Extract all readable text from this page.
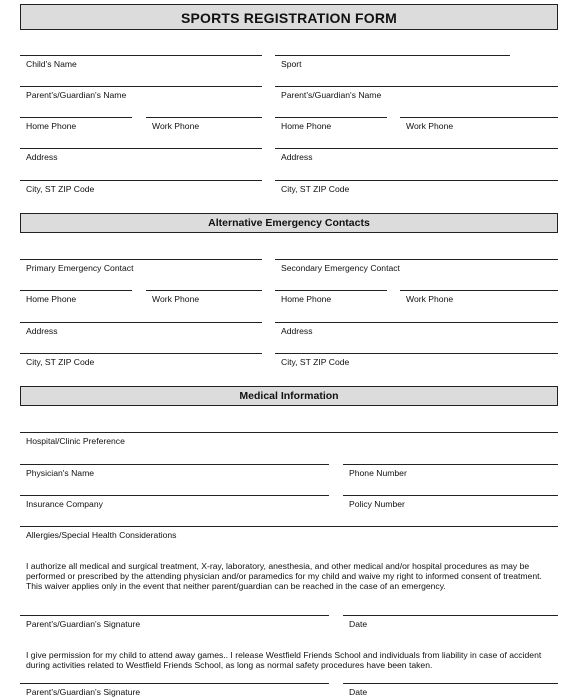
SPORTS REGISTRATION FORM
Child's Name	Sport
Parent's/Guardian's Name	Parent's/Guardian's Name
Home Phone	Work Phone	Home Phone	Work Phone
Address	Address
City, ST ZIP Code	City, ST ZIP Code
Alternative Emergency Contacts
Primary Emergency Contact	Secondary Emergency Contact
Home Phone	Work Phone	Home Phone	Work Phone
Address	Address
City, ST ZIP Code	City, ST ZIP Code
Medical Information
Hospital/Clinic Preference
Physician's Name	Phone Number
Insurance Company	Policy Number
Allergies/Special Health Considerations
I authorize all medical and surgical treatment, X-ray, laboratory, anesthesia, and other medical and/or hospital procedures as may be performed or prescribed by the attending physician and/or paramedics for my child and waive my right to informed consent of treatment. This waiver applies only in the event that neither parent/guardian can be reached in the case of an emergency.
Parent's/Guardian's Signature	Date
I give permission for my child to attend away games.. I release Westfield Friends School and individuals from liability in case of accident during activities related to Westfield Friends School, as long as normal safety procedures have been taken.
Parent's/Guardian's Signature	Date
